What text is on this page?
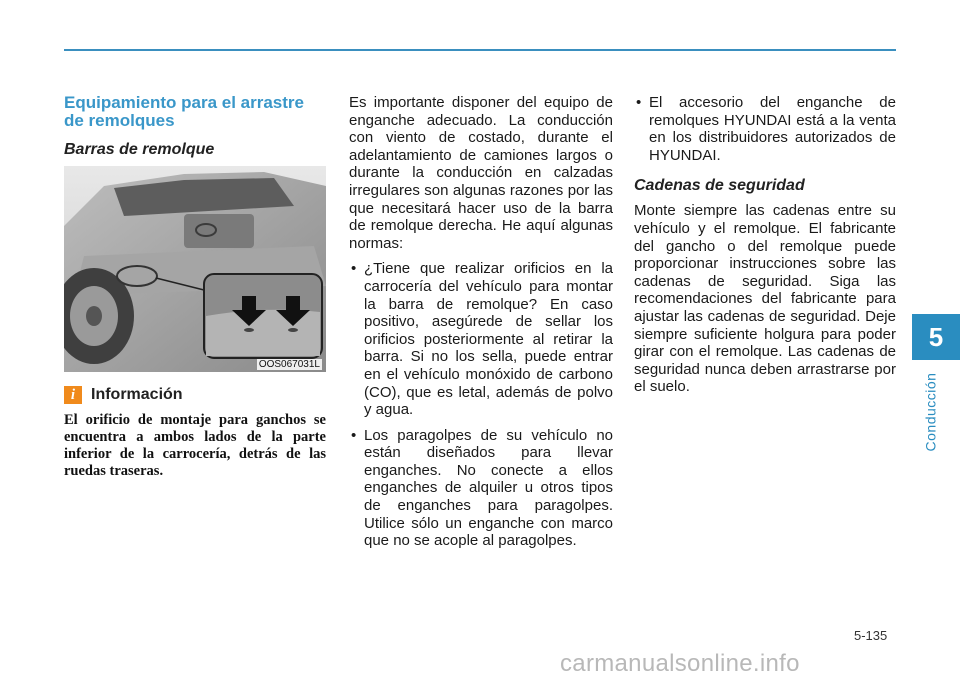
5
Conducción
Equipamiento para el arrastre de remolques
Barras de remolque
OOS067031L
i Información

El orificio de montaje para ganchos se encuentra a ambos lados de la parte inferior de la carrocería, detrás de las ruedas traseras.

Es importante disponer del equipo de enganche adecuado. La conducción con viento de costado, durante el adelantamiento de camiones largos o durante la conducción en calzadas irregulares son algunas razones por las que necesitará hacer uso de la barra de remolque derecha. He aquí algunas normas:

• ¿Tiene que realizar orificios en la carrocería del vehículo para montar la barra de remolque? En caso positivo, asegúrede de sellar los orificios posteriormente al retirar la barra. Si no los sella, puede entrar en el vehículo monóxido de carbono (CO), que es letal, además de polvo y agua.
• Los paragolpes de su vehículo no están diseñados para llevar enganches. No conecte a ellos enganches de alquiler u otros tipos de enganches para paragolpes. Utilice sólo un enganche con marco que no se acople al paragolpes.
• El accesorio del enganche de remolques HYUNDAI está a la venta en los distribuidores autorizados de HYUNDAI.
Cadenas de seguridad

Monte siempre las cadenas entre su vehículo y el remolque. El fabricante del gancho o del remolque puede proporcionar instrucciones sobre las cadenas de seguridad. Siga las recomendaciones del fabricante para ajustar las cadenas de seguridad. Deje siempre suficiente holgura para poder girar con el remolque. Las cadenas de seguridad nunca deben arrastrarse por el suelo.

5-135
carmanualsonline.info
